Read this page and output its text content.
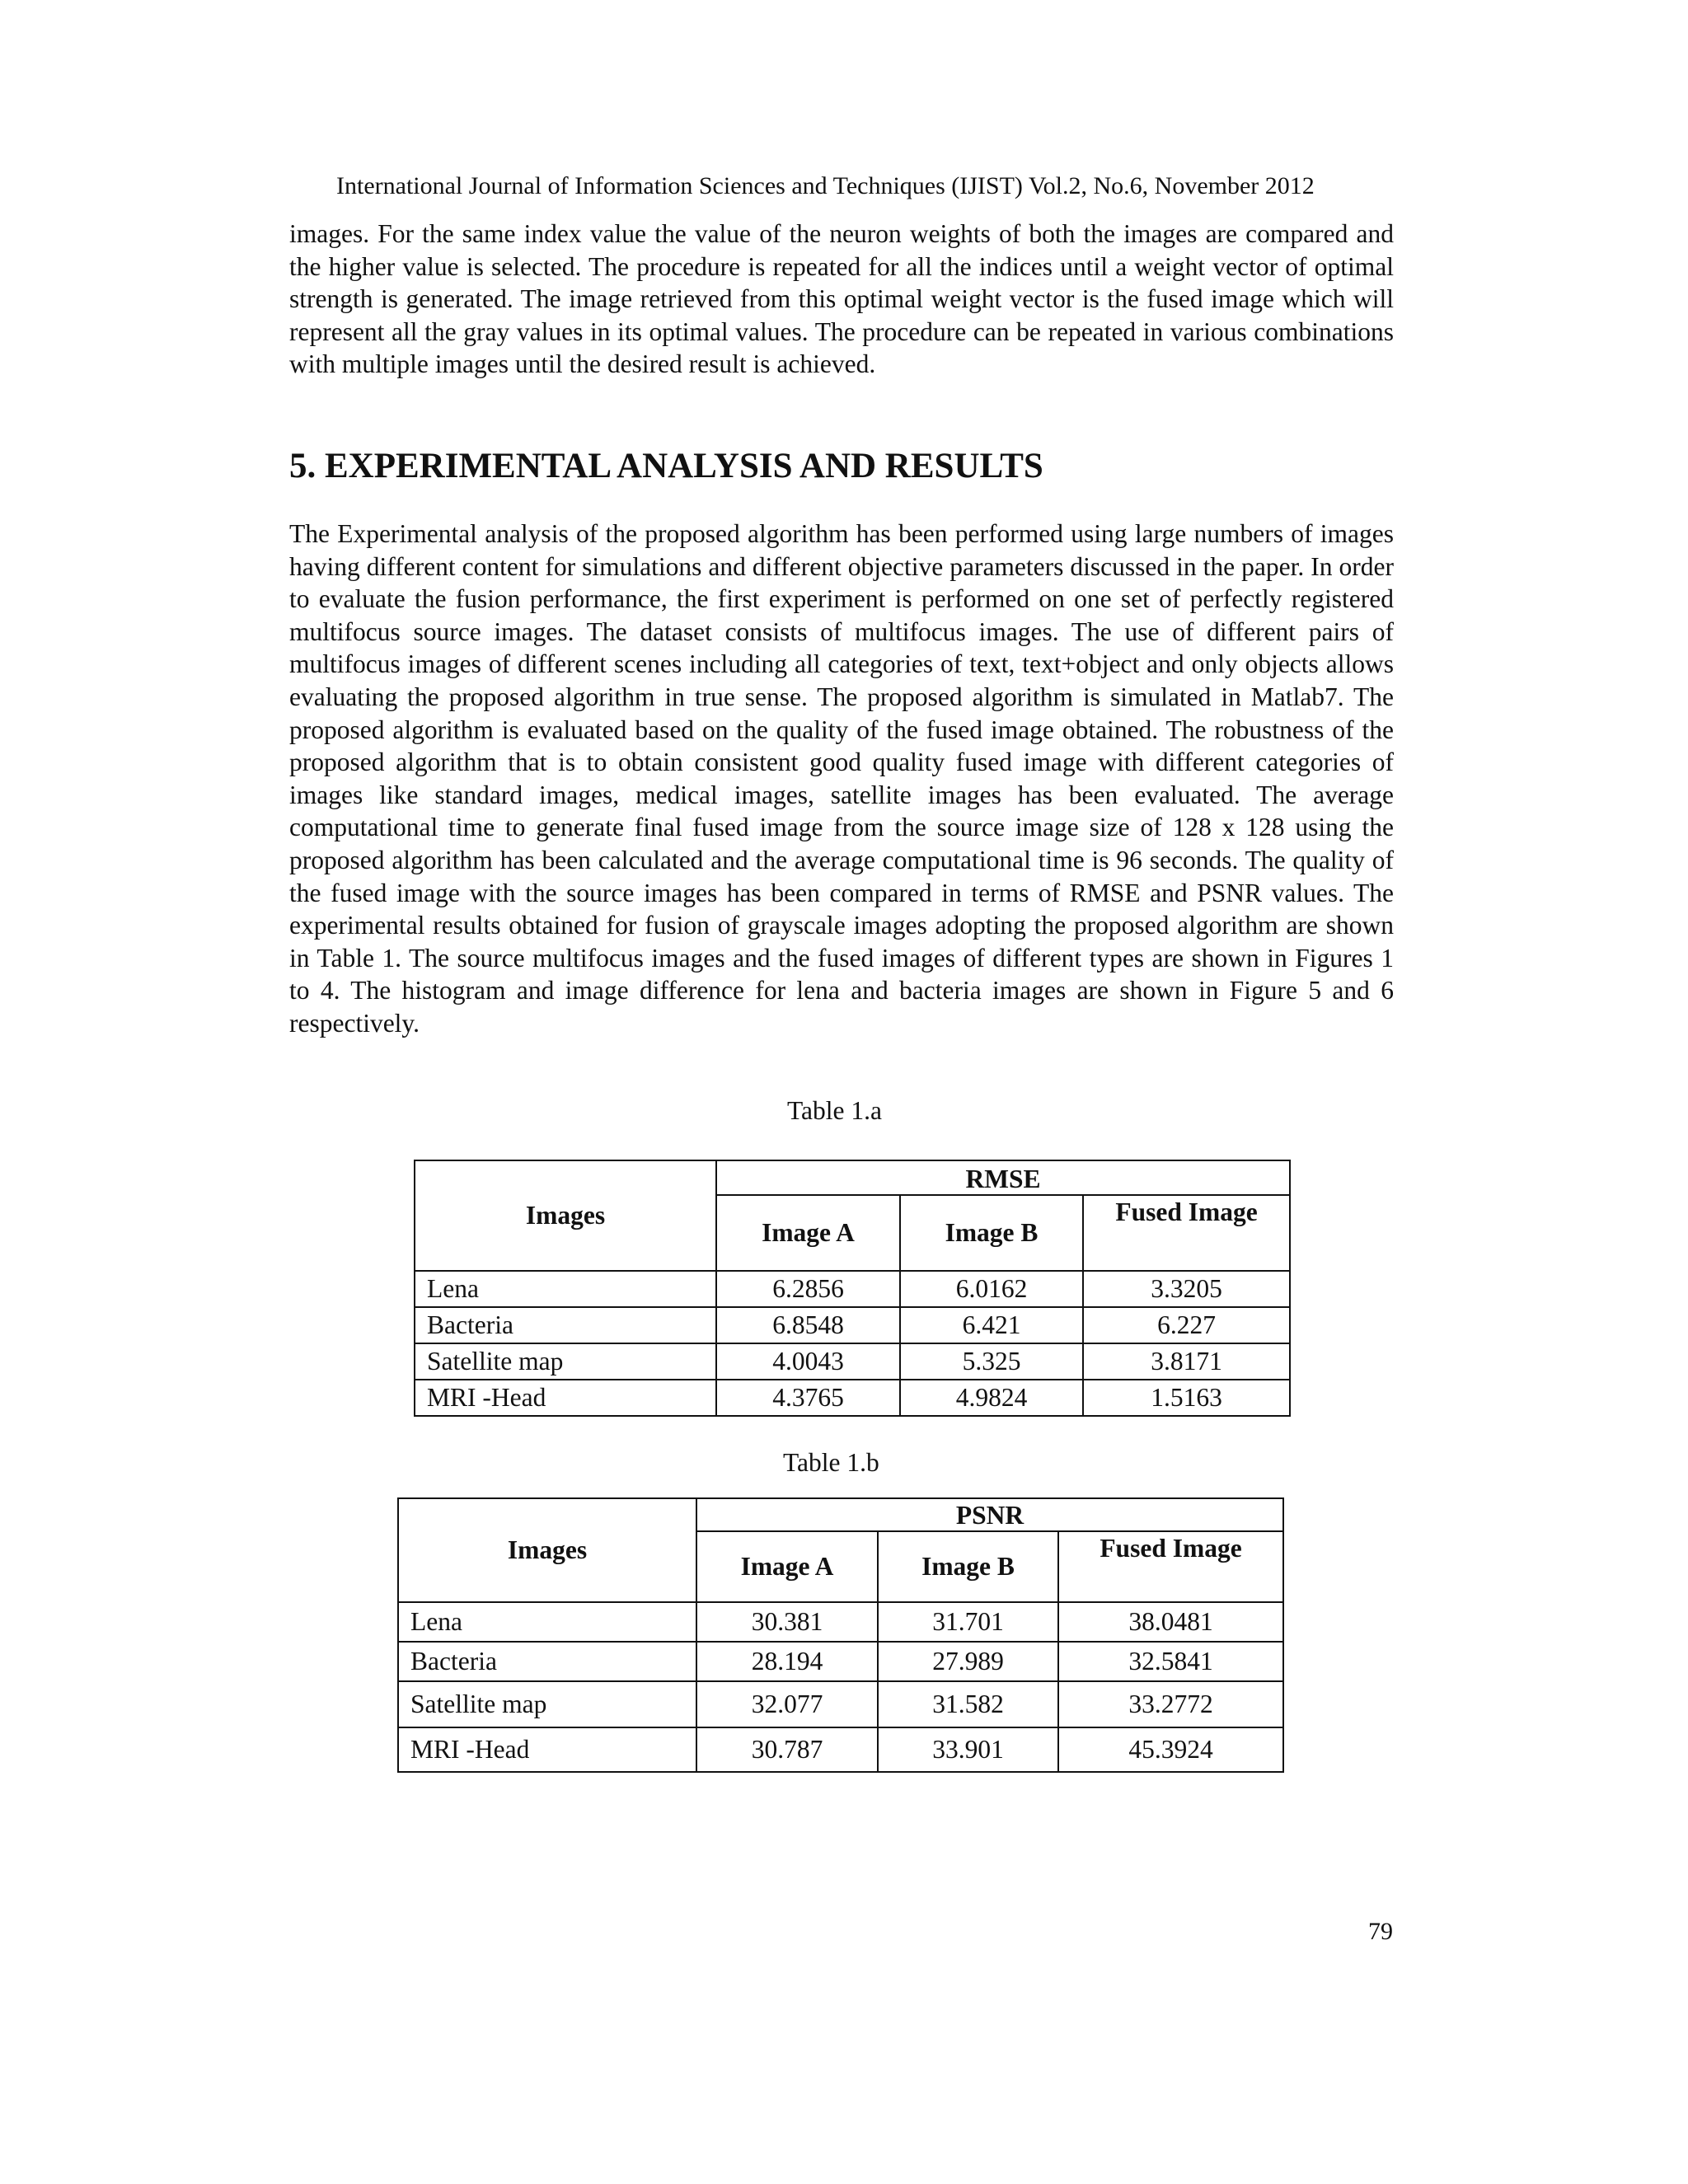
International Journal of Information Sciences and Techniques (IJIST) Vol.2, No.6, November 2012

images. For the same index value the value of the neuron weights of both the images are compared and the higher value is selected. The procedure is repeated for all the indices until a weight vector of optimal strength is generated. The image retrieved from this optimal weight vector is the fused image which will represent all the gray values in its optimal values. The procedure can be repeated in various combinations with multiple images until the desired result is achieved.

5. EXPERIMENTAL ANALYSIS AND RESULTS

The Experimental analysis of the proposed algorithm has been performed using large numbers of images having different content for simulations and different objective parameters discussed in the paper. In order to evaluate the fusion performance, the first experiment is performed on one set of perfectly registered multifocus source images. The dataset consists of multifocus images. The use of different pairs of multifocus images of different scenes including all categories of text, text+object and only objects allows evaluating the proposed algorithm in true sense. The proposed algorithm is simulated in Matlab7. The proposed algorithm is evaluated based on the quality of the fused image obtained. The robustness of the proposed algorithm that is to obtain consistent good quality fused image with different categories of images like standard images, medical images, satellite images has been evaluated. The average computational time to generate final fused image from the source image size of 128 x 128 using the proposed algorithm has been calculated and the average computational time is 96 seconds. The quality of the fused image with the source images has been compared in terms of RMSE and PSNR values. The experimental results obtained for fusion of grayscale images adopting the proposed algorithm are shown in Table 1. The source multifocus images and the fused images of different types are shown in Figures 1 to 4. The histogram and image difference for lena and bacteria images are shown in Figure 5 and 6 respectively.

Table 1.a
Images	RMSE		
	Image A	Image B	Fused Image
Lena	6.2856	6.0162	3.3205
Bacteria	6.8548	6.421	6.227
Satellite map	4.0043	5.325	3.8171
MRI -Head	4.3765	4.9824	1.5163
Table 1.b
Images	PSNR		
	Image A	Image B	Fused Image
Lena	30.381	31.701	38.0481
Bacteria	28.194	27.989	32.5841
Satellite map	32.077	31.582	33.2772
MRI -Head	30.787	33.901	45.3924
79
